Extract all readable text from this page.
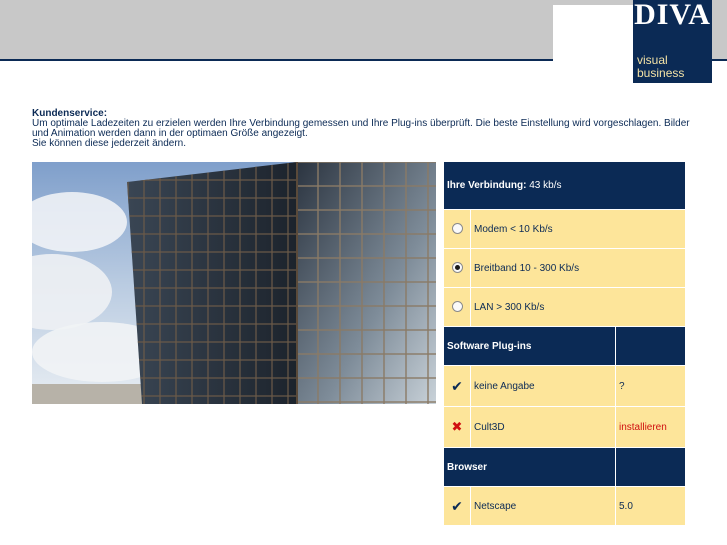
DIVA
visual
business
Kundenservice:
Um optimale Ladezeiten zu erzielen werden Ihre Verbindung gemessen und Ihre Plug-ins überprüft. Die beste Einstellung wird vorgeschlagen. Bilder
und Animation werden dann in der optimaen Größe angezeigt.
Sie können diese jederzeit ändern.
Ihre Verbindung: 43 kb/s		
	Modem < 10 Kb/s	
	Breitband 10 - 300 Kb/s	
	LAN > 300 Kb/s	
Software Plug-ins		
✔	keine Angabe	?
✖	Cult3D	installieren
Browser		
✔	Netscape	5.0
